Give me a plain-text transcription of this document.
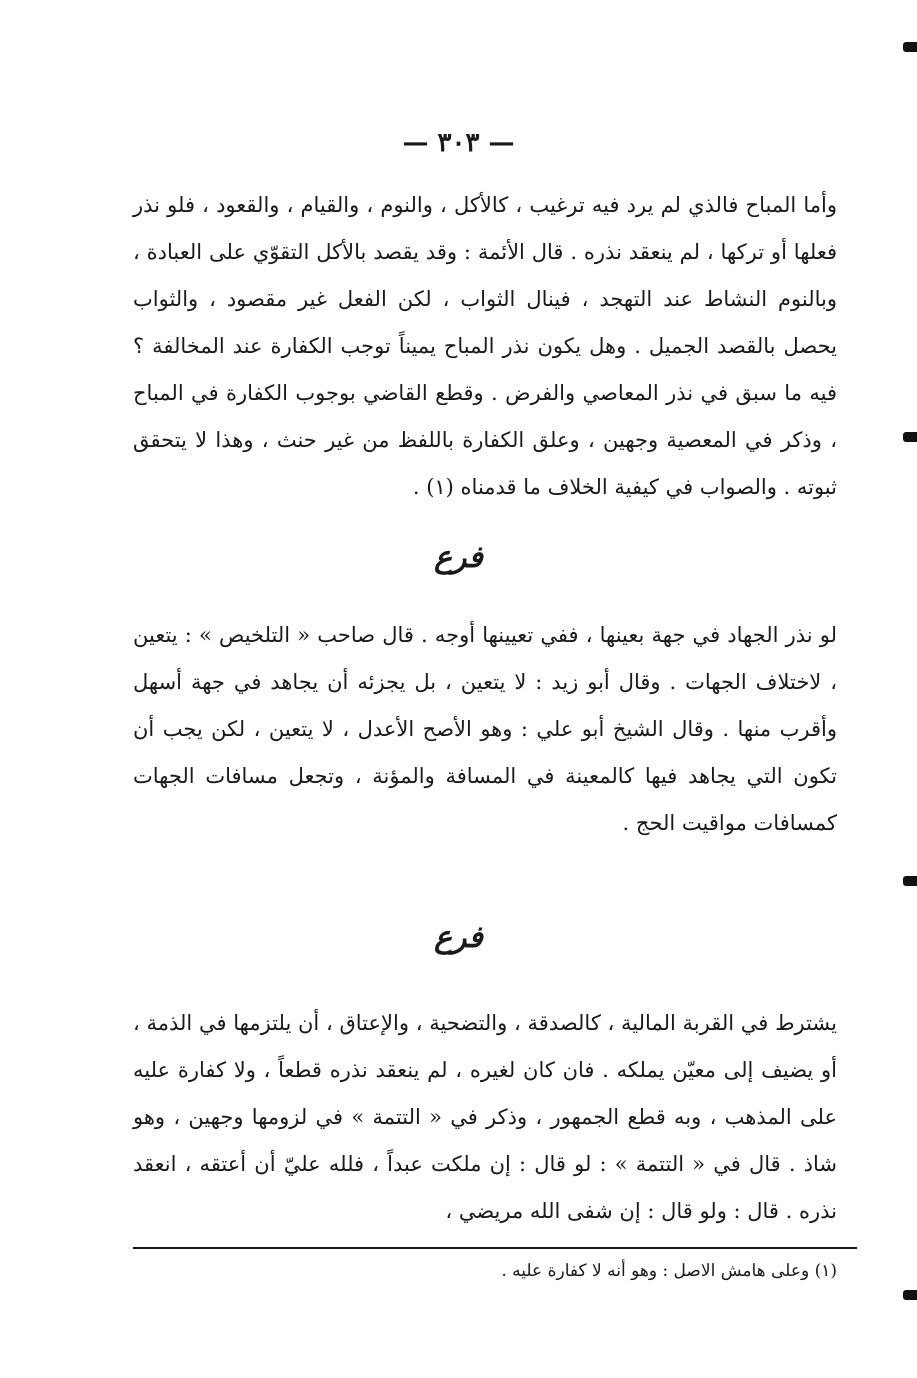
— ٣٠٣ —

وأما المباح فالذي لم يرد فيه ترغيب ، كالأكل ، والنوم ، والقيام ، والقعود ، فلو نذر فعلها أو تركها ، لم ينعقد نذره . قال الأئمة : وقد يقصد بالأكل التقوّي على العبادة ، وبالنوم النشاط عند التهجد ، فينال الثواب ، لكن الفعل غير مقصود ، والثواب يحصل بالقصد الجميل . وهل يكون نذر المباح يميناً توجب الكفارة عند المخالفة ؟ فيه ما سبق في نذر المعاصي والفرض . وقطع القاضي بوجوب الكفارة في المباح ، وذكر في المعصية وجهين ، وعلق الكفارة باللفظ من غير حنث ، وهذا لا يتحقق ثبوته . والصواب في كيفية الخلاف ما قدمناه (١) .

فرع

لو نذر الجهاد في جهة بعينها ، ففي تعيينها أوجه . قال صاحب « التلخيص » : يتعين ، لاختلاف الجهات . وقال أبو زيد : لا يتعين ، بل يجزئه أن يجاهد في جهة أسهل وأقرب منها . وقال الشيخ أبو علي : وهو الأصح الأعدل ، لا يتعين ، لكن يجب أن تكون التي يجاهد فيها كالمعينة في المسافة والمؤنة ، وتجعل مسافات الجهات كمسافات مواقيت الحج .

فرع

يشترط في القربة المالية ، كالصدقة ، والتضحية ، والإعتاق ، أن يلتزمها في الذمة ، أو يضيف إلى معيّن يملكه . فان كان لغيره ، لم ينعقد نذره قطعاً ، ولا كفارة عليه على المذهب ، وبه قطع الجمهور ، وذكر في « التتمة » في لزومها وجهين ، وهو شاذ . قال في « التتمة » : لو قال : إن ملكت عبداً ، فلله عليّ أن أعتقه ، انعقد نذره . قال : ولو قال : إن شفى الله مريضي ،

(١) وعلى هامش الاصل : وهو أنه لا كفارة عليه .
